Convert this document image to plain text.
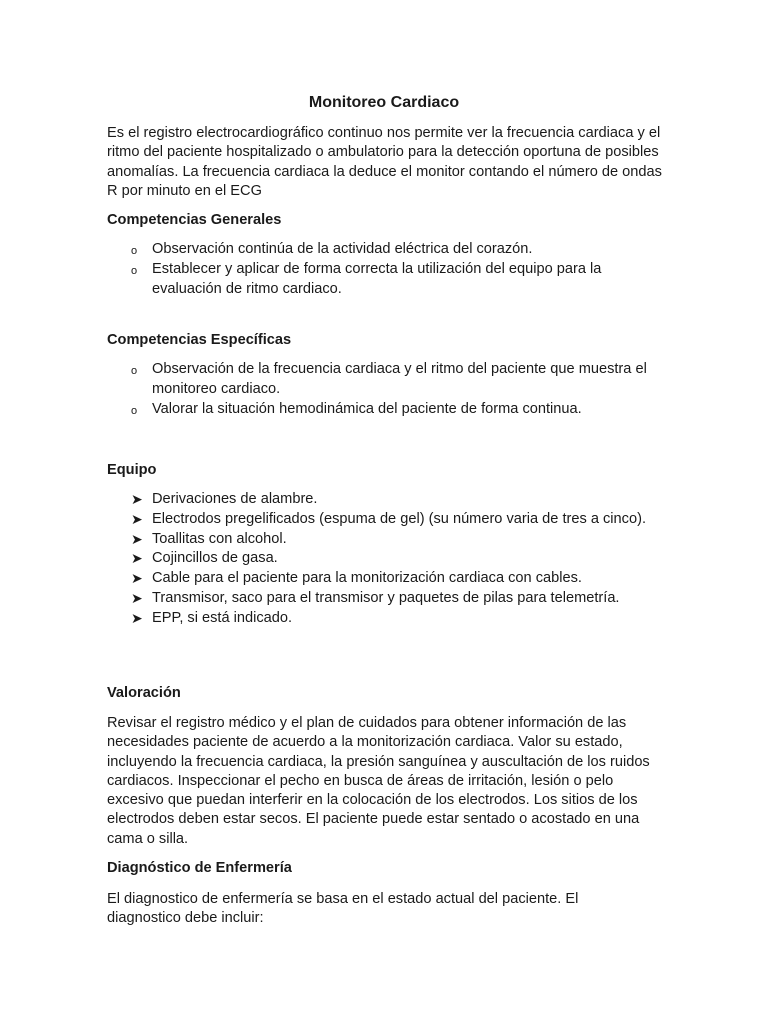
Monitoreo Cardiaco

Es el registro electrocardiográfico continuo nos permite ver la frecuencia cardiaca y el ritmo del paciente hospitalizado o ambulatorio para la detección oportuna de posibles anomalías. La frecuencia cardiaca la deduce el monitor contando el número de ondas R por minuto en el ECG

Competencias Generales
o Observación continúa de la actividad eléctrica del corazón.
o Establecer y aplicar de forma correcta la utilización del equipo para la evaluación de ritmo cardiaco.
Competencias Específicas
o Observación de la frecuencia cardiaca y el ritmo del paciente que muestra el monitoreo cardiaco.
o Valorar la situación hemodinámica del paciente de forma continua.
Equipo
➤ Derivaciones de alambre.
➤ Electrodos pregelificados (espuma de gel) (su número varia de tres a cinco).
➤ Toallitas con alcohol.
➤ Cojincillos de gasa.
➤ Cable para el paciente para la monitorización cardiaca con cables.
➤ Transmisor, saco para el transmisor y paquetes de pilas para telemetría.
➤ EPP, si está indicado.
Valoración

Revisar el registro médico y el plan de cuidados para obtener información de las necesidades paciente de acuerdo a la monitorización cardiaca. Valor su estado, incluyendo la frecuencia cardiaca, la presión sanguínea y auscultación de los ruidos cardiacos. Inspeccionar el pecho en busca de áreas de irritación, lesión o pelo excesivo que puedan interferir en la colocación de los electrodos. Los sitios de los electrodos deben estar secos. El paciente puede estar sentado o acostado en una cama o silla.

Diagnóstico de Enfermería

El diagnostico de enfermería se basa en el estado actual del paciente. El diagnostico debe incluir:
